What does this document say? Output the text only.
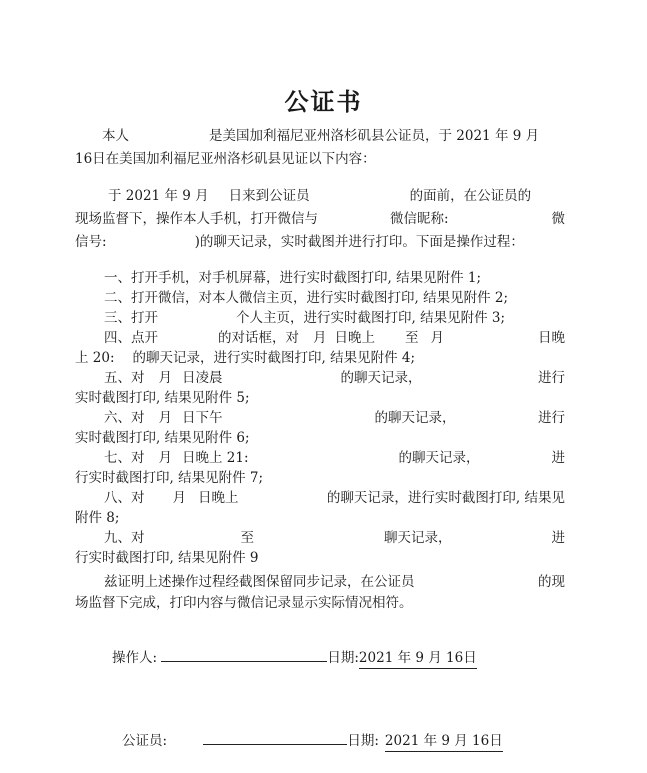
公证书
本人	是美国加利福尼亚州洛杉矶县公证员，于 2021 年 9 月
16日在美国加利福尼亚州洛杉矶县见证以下内容：
于 2021 年 9 月 日来到公证员	的面前，在公证员的
现场监督下，操作本人手机，打开微信与	微信昵称:	微
信号:	)的聊天记录，实时截图并进行打印。下面是操作过程：
一、打开手机，对手机屏幕，进行实时截图打印, 结果见附件 1;
二、打开微信，对本人微信主页，进行实时截图打印, 结果见附件 2;
三、打开	个人主页，进行实时截图打印, 结果见附件 3;
四、点开	的对话框，对 月 日晚上 至 月	日晚
上 20: 的聊天记录，进行实时截图打印, 结果见附件 4;
五、对 月 日凌晨	的聊天记录，	进行
实时截图打印, 结果见附件 5;
六、对 月 日下午	的聊天记录，	进行
实时截图打印, 结果见附件 6;
七、对 月 日晚上 21:	的聊天记录，	进
行实时截图打印, 结果见附件 7;
八、对 月 日晚上	的聊天记录，进行实时截图打印, 结果见
附件 8;
九、对	至	聊天记录，	进
行实时截图打印, 结果见附件 9
兹证明上述操作过程经截图保留同步记录，在公证员	的现
场监督下完成，打印内容与微信记录显示实际情况相符。
操作人:	日期:2021 年 9 月 16日
公证员:	日期: 2021 年 9 月 16日
